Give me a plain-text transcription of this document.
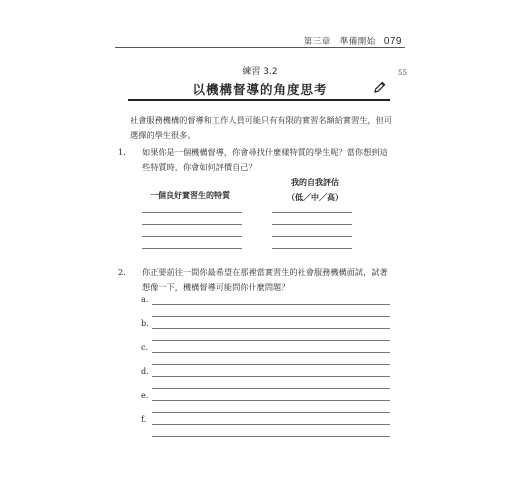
第三章　準備開始 079
55
練習 3.2
以機構督導的角度思考
社會服務機構的督導和工作人員可能只有有限的實習名額給實習生，但可選擇的學生很多。
1. 如果你是一個機構督導，你會尋找什麼樣特質的學生呢？當你想到這些特質時，你會如何評價自己？
我的自我評估
（低／中／高）
一個良好實習生的特質
2. 你正要前往一間你最希望在那裡當實習生的社會服務機構面試，試著想像一下，機構督導可能問你什麼問題？
a.
b.
c.
d.
e.
f.
